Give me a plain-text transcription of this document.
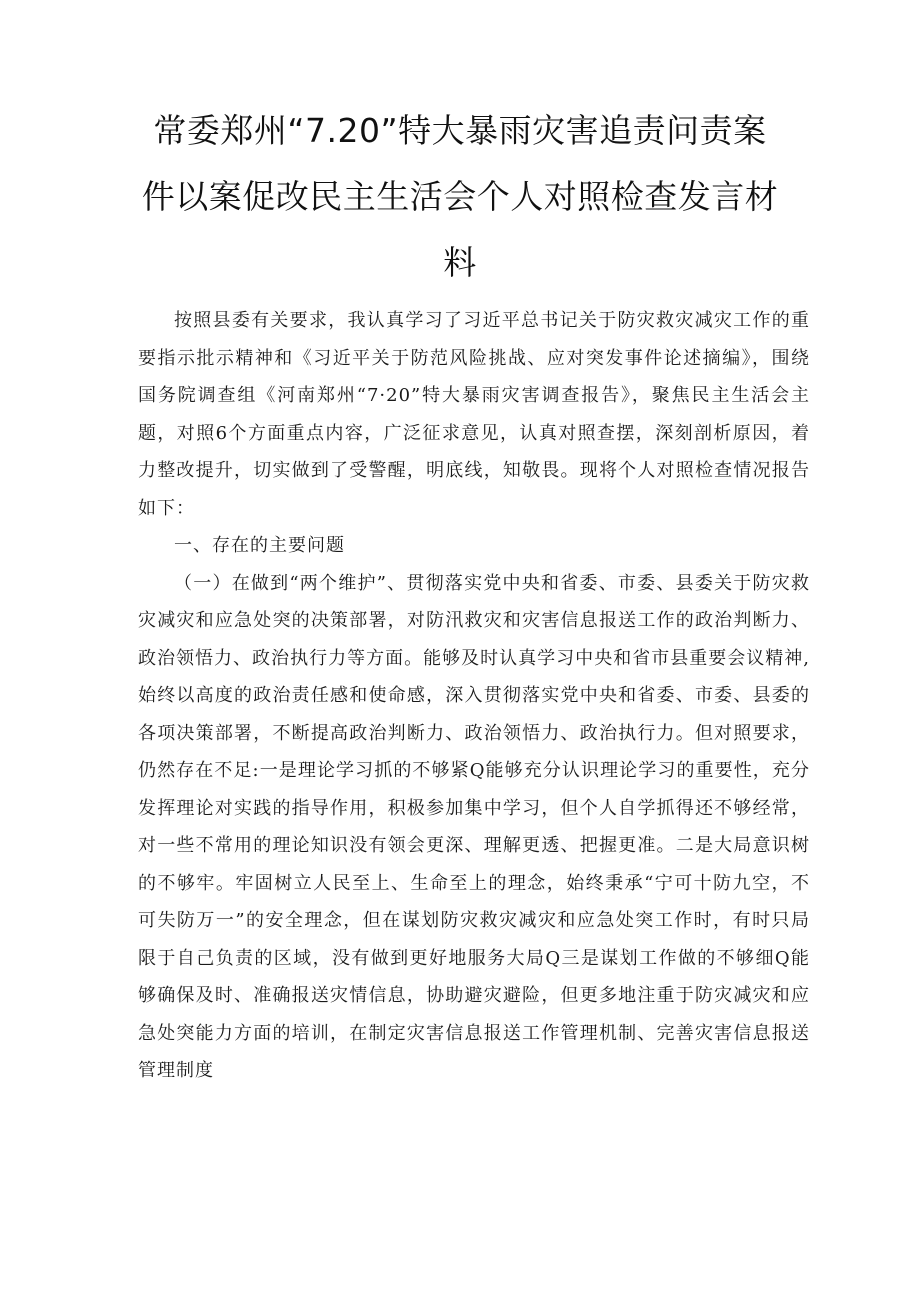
常委郑州“7.20”特大暴雨灾害追责问责案
件以案促改民主生活会个人对照检查发言材
料

按照县委有关要求，我认真学习了习近平总书记关于防灾救灾减灾工作的重要指示批示精神和《习近平关于防范风险挑战、应对突发事件论述摘编》，围绕国务院调查组《河南郑州“7·20”特大暴雨灾害调查报告》，聚焦民主生活会主题，对照6个方面重点内容，广泛征求意见，认真对照查摆，深刻剖析原因，着力整改提升，切实做到了受警醒，明底线，知敬畏。现将个人对照检查情况报告如下：

一、存在的主要问题

（一）在做到“两个维护”、贯彻落实党中央和省委、市委、县委关于防灾救灾减灾和应急处突的决策部署，对防汛救灾和灾害信息报送工作的政治判断力、政治领悟力、政治执行力等方面。能够及时认真学习中央和省市县重要会议精神,始终以高度的政治责任感和使命感，深入贯彻落实党中央和省委、市委、县委的各项决策部署，不断提高政治判断力、政治领悟力、政治执行力。但对照要求，仍然存在不足:一是理论学习抓的不够紧Q能够充分认识理论学习的重要性，充分发挥理论对实践的指导作用，积极参加集中学习，但个人自学抓得还不够经常，对一些不常用的理论知识没有领会更深、理解更透、把握更准。二是大局意识树的不够牢。牢固树立人民至上、生命至上的理念，始终秉承“宁可十防九空，不可失防万一”的安全理念，但在谋划防灾救灾减灾和应急处突工作时，有时只局限于自己负责的区域，没有做到更好地服务大局Q三是谋划工作做的不够细Q能够确保及时、准确报送灾情信息，协助避灾避险，但更多地注重于防灾减灾和应急处突能力方面的培训，在制定灾害信息报送工作管理机制、完善灾害信息报送管理制度
